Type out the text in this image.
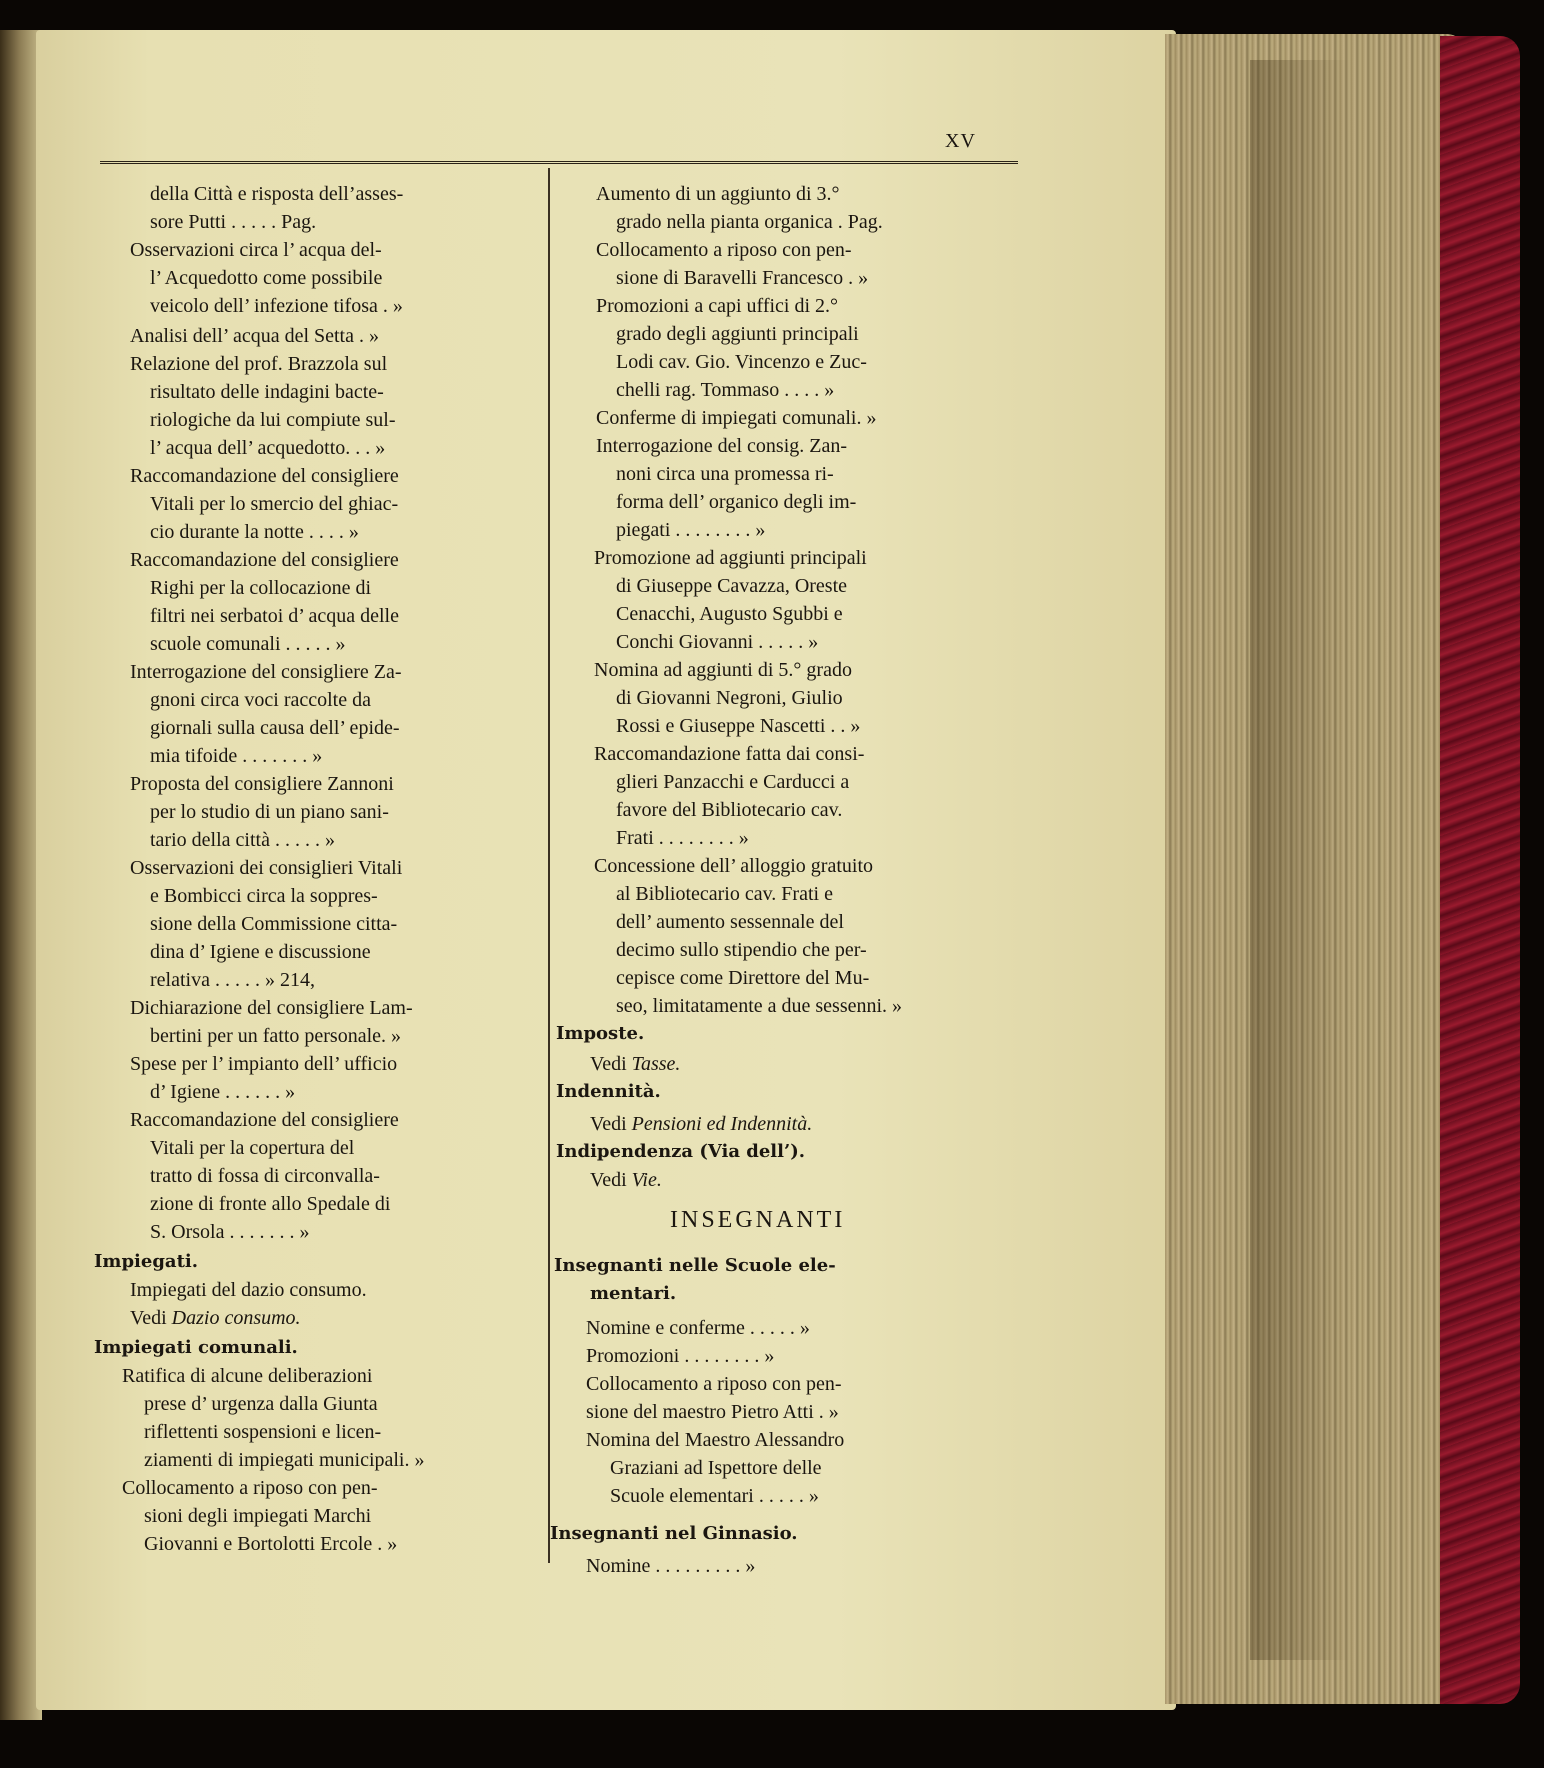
XV
della Città e risposta dell’asses-
sore Putti . . . . . Pag.
Osservazioni circa l’ acqua del-
l’ Acquedotto come possibile
veicolo dell’ infezione tifosa . »
Analisi dell’ acqua del Setta . »
Relazione del prof. Brazzola sul
risultato delle indagini bacte-
riologiche da lui compiute sul-
l’ acqua dell’ acquedotto. . . »
Raccomandazione del consigliere
Vitali per lo smercio del ghiac-
cio durante la notte . . . . »
Raccomandazione del consigliere
Righi per la collocazione di
filtri nei serbatoi d’ acqua delle
scuole comunali . . . . . »
Interrogazione del consigliere Za-
gnoni circa voci raccolte da
giornali sulla causa dell’ epide-
mia tifoide . . . . . . . »
Proposta del consigliere Zannoni
per lo studio di un piano sani-
tario della città . . . . . »
Osservazioni dei consiglieri Vitali
e Bombicci circa la soppres-
sione della Commissione citta-
dina d’ Igiene e discussione
relativa . . . . . » 214,
Dichiarazione del consigliere Lam-
bertini per un fatto personale. »
Spese per l’ impianto dell’ ufficio
d’ Igiene . . . . . . »
Raccomandazione del consigliere
Vitali per la copertura del
tratto di fossa di circonvalla-
zione di fronte allo Spedale di
S. Orsola . . . . . . . »
Impiegati.
Impiegati del dazio consumo.
Vedi Dazio consumo.
Impiegati comunali.
Ratifica di alcune deliberazioni
prese d’ urgenza dalla Giunta
riflettenti sospensioni e licen-
ziamenti di impiegati municipali. »
Collocamento a riposo con pen-
sioni degli impiegati Marchi
Giovanni e Bortolotti Ercole . »
Aumento di un aggiunto di 3.°
grado nella pianta organica . Pag.
Collocamento a riposo con pen-
sione di Baravelli Francesco . »
Promozioni a capi uffici di 2.°
grado degli aggiunti principali
Lodi cav. Gio. Vincenzo e Zuc-
chelli rag. Tommaso . . . . »
Conferme di impiegati comunali. »
Interrogazione del consig. Zan-
noni circa una promessa ri-
forma dell’ organico degli im-
piegati . . . . . . . . »
Promozione ad aggiunti principali
di Giuseppe Cavazza, Oreste
Cenacchi, Augusto Sgubbi e
Conchi Giovanni . . . . . »
Nomina ad aggiunti di 5.° grado
di Giovanni Negroni, Giulio
Rossi e Giuseppe Nascetti . . »
Raccomandazione fatta dai consi-
glieri Panzacchi e Carducci a
favore del Bibliotecario cav.
Frati . . . . . . . . »
Concessione dell’ alloggio gratuito
al Bibliotecario cav. Frati e
dell’ aumento sessennale del
decimo sullo stipendio che per-
cepisce come Direttore del Mu-
seo, limitatamente a due sessenni. »
Imposte.
Vedi Tasse.
Indennità.
Vedi Pensioni ed Indennità.
Indipendenza (Via dell’).
Vedi Vie.
INSEGNANTI
Insegnanti nelle Scuole ele-
mentari.
Nomine e conferme . . . . . »
Promozioni . . . . . . . . »
Collocamento a riposo con pen-
sione del maestro Pietro Atti . »
Nomina del Maestro Alessandro
Graziani ad Ispettore delle
Scuole elementari . . . . . »
Insegnanti nel Ginnasio.
Nomine . . . . . . . . . »
